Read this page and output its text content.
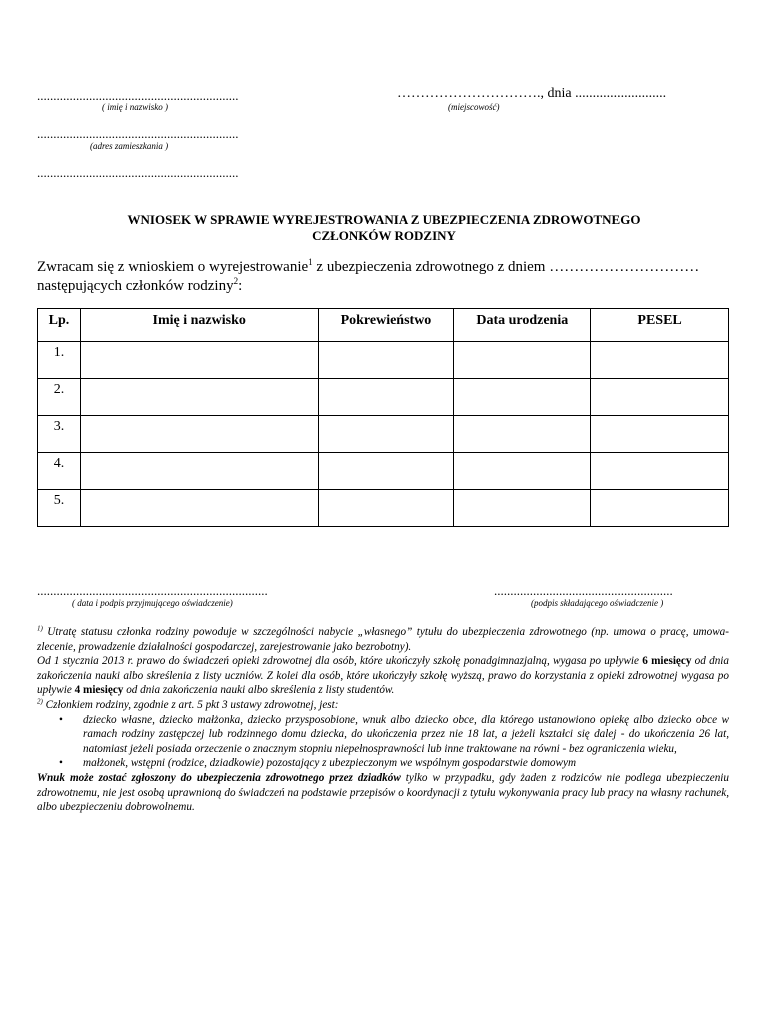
..............................................................
( imię i nazwisko )
…………………………., dnia ..........................
(miejscowość)
..............................................................
(adres zamieszkania )
..............................................................
WNIOSEK W SPRAWIE WYREJESTROWANIA Z UBEZPIECZENIA ZDROWOTNEGO
CZŁONKÓW RODZINY
Zwracam się z wnioskiem o wyrejestrowanie$^1$ z ubezpieczenia zdrowotnego z dniem …………………………
następujących członków rodziny$^2$:
Lp.	Imię i nazwisko	Pokrewieństwo	Data urodzenia	PESEL
1.				
2.				
3.				
4.				
5.				
.......................................................................
( data i podpis przyjmującego oświadczenie)
.......................................................
(podpis składającego oświadczenie )

$^{1)}$ Utratę statusu członka rodziny powoduje w szczególności nabycie „własnego” tytułu do ubezpieczenia zdrowotnego (np. umowa o pracę, umowa-zlecenie, prowadzenie działalności gospodarczej, zarejestrowanie jako bezrobotny).

Od 1 stycznia 2013 r. prawo do świadczeń opieki zdrowotnej dla osób, które ukończyły szkołę ponadgimnazjalną, wygasa po upływie 6 miesięcy od dnia zakończenia nauki albo skreślenia z listy uczniów. Z kolei dla osób, które ukończyły szkołę wyższą, prawo do korzystania z opieki zdrowotnej wygasa po upływie 4 miesięcy od dnia zakończenia nauki albo skreślenia z listy studentów.

$^{2)}$ Członkiem rodziny, zgodnie z art. 5 pkt 3 ustawy zdrowotnej, jest:

• dziecko własne, dziecko małżonka, dziecko przysposobione, wnuk albo dziecko obce, dla którego ustanowiono opiekę albo dziecko obce w ramach rodziny zastępczej lub rodzinnego domu dziecka, do ukończenia przez nie 18 lat, a jeżeli kształci się dalej - do ukończenia 26 lat, natomiast jeżeli posiada orzeczenie o znacznym stopniu niepełnosprawności lub inne traktowane na równi - bez ograniczenia wieku,
• małżonek, wstępni (rodzice, dziadkowie) pozostający z ubezpieczonym we wspólnym gospodarstwie domowym

Wnuk może zostać zgłoszony do ubezpieczenia zdrowotnego przez dziadków tylko w przypadku, gdy żaden z rodziców nie podlega ubezpieczeniu zdrowotnemu, nie jest osobą uprawnioną do świadczeń na podstawie przepisów o koordynacji z tytułu wykonywania pracy lub pracy na własny rachunek, albo ubezpieczeniu dobrowolnemu.
